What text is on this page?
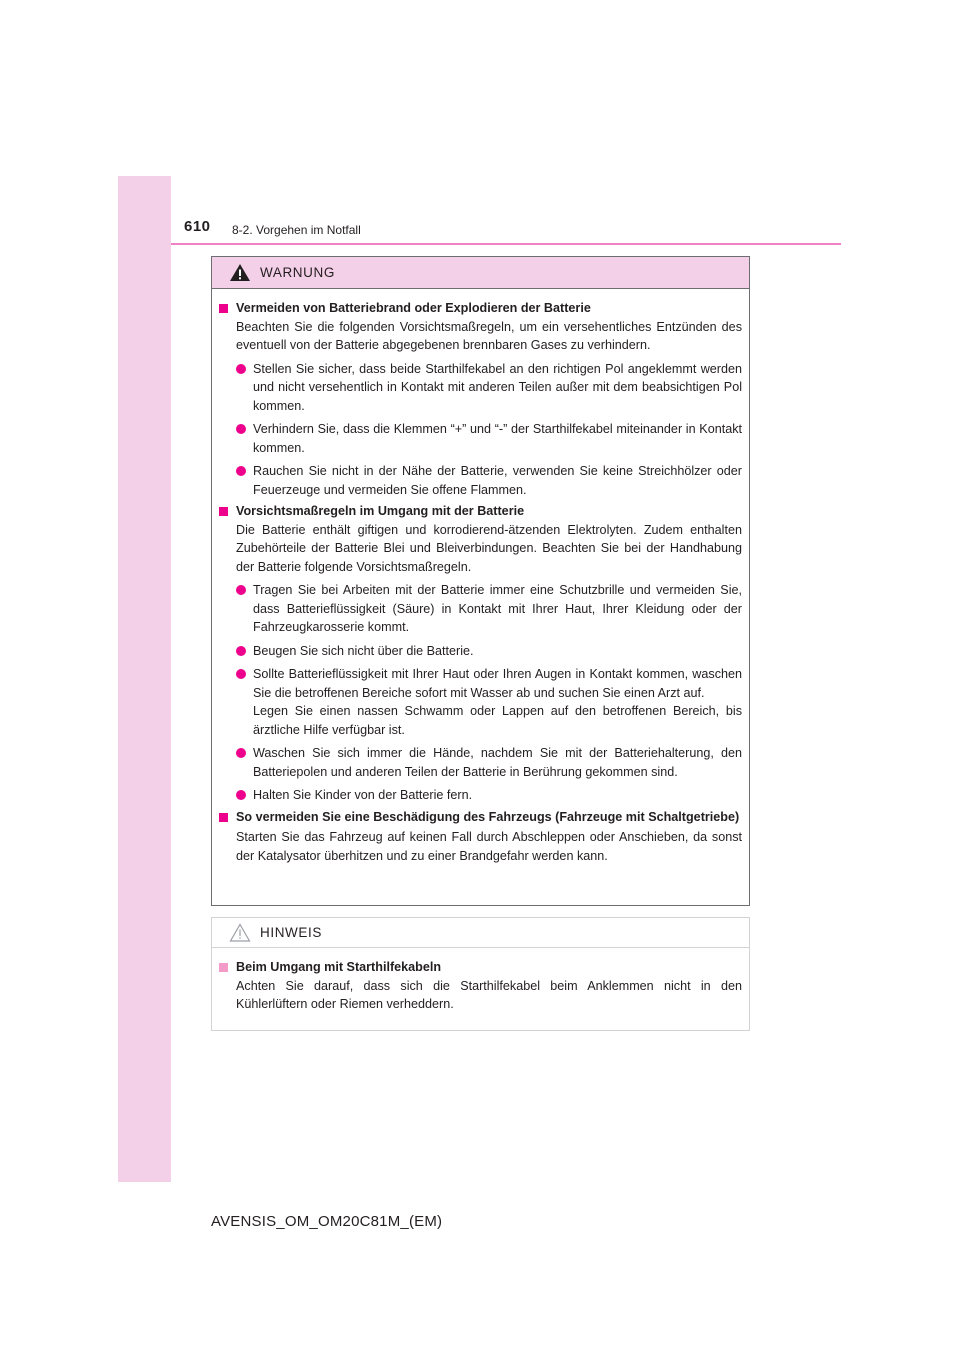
610 8-2. Vorgehen im Notfall
WARNUNG
Vermeiden von Batteriebrand oder Explodieren der Batterie
Beachten Sie die folgenden Vorsichtsmaßregeln, um ein versehentliches Entzünden des eventuell von der Batterie abgegebenen brennbaren Gases zu verhindern.
Stellen Sie sicher, dass beide Starthilfekabel an den richtigen Pol angeklemmt werden und nicht versehentlich in Kontakt mit anderen Teilen außer mit dem beabsichtigen Pol kommen.
Verhindern Sie, dass die Klemmen “+” und “-” der Starthilfekabel miteinander in Kontakt kommen.
Rauchen Sie nicht in der Nähe der Batterie, verwenden Sie keine Streichhölzer oder Feuerzeuge und vermeiden Sie offene Flammen.
Vorsichtsmaßregeln im Umgang mit der Batterie
Die Batterie enthält giftigen und korrodierend-ätzenden Elektrolyten. Zudem enthalten Zubehörteile der Batterie Blei und Bleiverbindungen. Beachten Sie bei der Handhabung der Batterie folgende Vorsichtsmaßregeln.
Tragen Sie bei Arbeiten mit der Batterie immer eine Schutzbrille und vermeiden Sie, dass Batterieflüssigkeit (Säure) in Kontakt mit Ihrer Haut, Ihrer Kleidung oder der Fahrzeugkarosserie kommt.
Beugen Sie sich nicht über die Batterie.
Sollte Batterieflüssigkeit mit Ihrer Haut oder Ihren Augen in Kontakt kommen, waschen Sie die betroffenen Bereiche sofort mit Wasser ab und suchen Sie einen Arzt auf.
Legen Sie einen nassen Schwamm oder Lappen auf den betroffenen Bereich, bis ärztliche Hilfe verfügbar ist.
Waschen Sie sich immer die Hände, nachdem Sie mit der Batteriehalterung, den Batteriepolen und anderen Teilen der Batterie in Berührung gekommen sind.
Halten Sie Kinder von der Batterie fern.
So vermeiden Sie eine Beschädigung des Fahrzeugs (Fahrzeuge mit Schaltgetriebe)
Starten Sie das Fahrzeug auf keinen Fall durch Abschleppen oder Anschieben, da sonst der Katalysator überhitzen und zu einer Brandgefahr werden kann.
HINWEIS
Beim Umgang mit Starthilfekabeln
Achten Sie darauf, dass sich die Starthilfekabel beim Anklemmen nicht in den Kühlerlüftern oder Riemen verheddern.
AVENSIS_OM_OM20C81M_(EM)
